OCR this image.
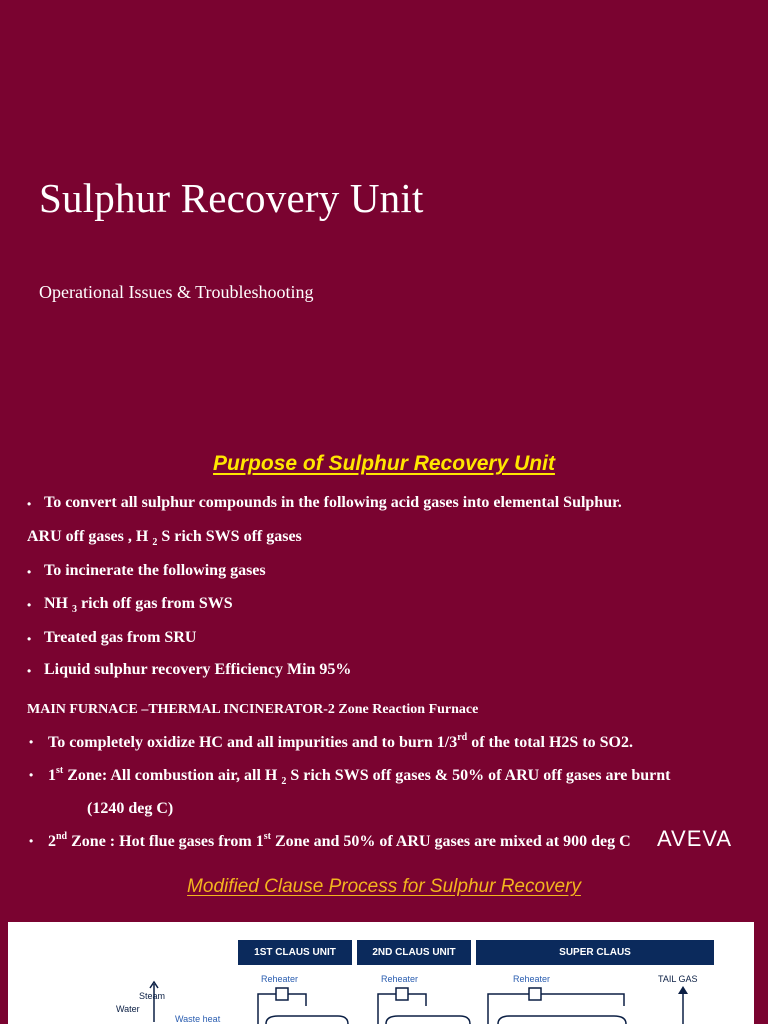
Sulphur Recovery Unit
Operational Issues & Troubleshooting
Purpose of Sulphur Recovery Unit
• To convert all sulphur compounds in the following acid gases into elemental Sulphur.
ARU off gases , H $_2$ S rich SWS off gases
• To incinerate the following gases
• NH $_3$ rich off gas from SWS
• Treated gas from SRU
• Liquid sulphur recovery Efficiency Min 95%
MAIN FURNACE –THERMAL INCINERATOR-2 Zone Reaction Furnace
• To completely oxidize HC and all impurities and to burn 1/3rd of the total H2S to SO2.
• 1st Zone: All combustion air, all H $_2$ S rich SWS off gases & 50% of ARU off gases are burnt
(1240 deg C)
• 2nd Zone : Hot flue gases from 1st Zone and 50% of ARU gases are mixed at 900 deg C AVEVA
Modified Clause Process for Sulphur Recovery
1ST CLAUS UNIT	2ND CLAUS UNIT	SUPER CLAUS
Reheater	Reheater	Reheater	TAIL GAS
Steam
Water
Waste heat
